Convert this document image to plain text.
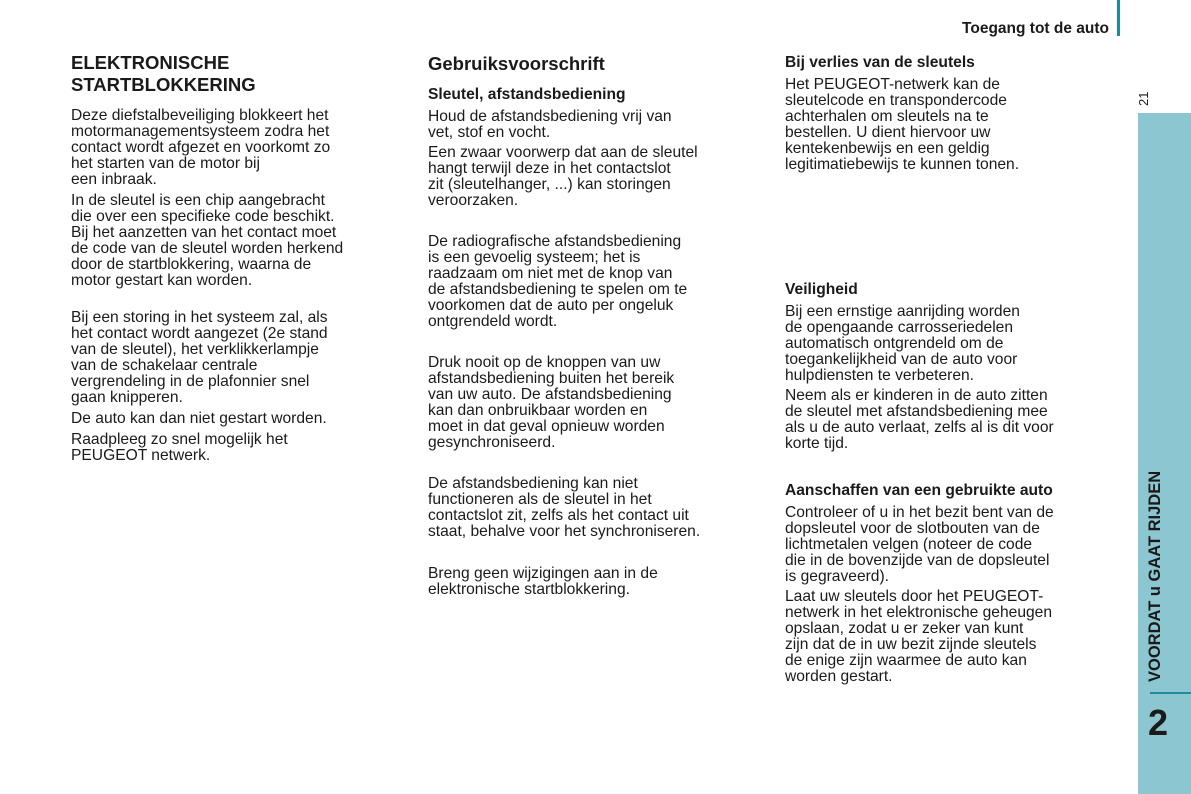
Toegang tot de auto
21
VOORDAT u GAAT RIJDEN
2
ELEKTRONISCHE
STARTBLOKKERING

Deze diefstalbeveiliging blokkeert het
motormanagementsysteem zodra het
contact wordt afgezet en voorkomt zo
het starten van de motor bij
een inbraak.

In de sleutel is een chip aangebracht
die over een specifieke code beschikt.
Bij het aanzetten van het contact moet
de code van de sleutel worden herkend
door de startblokkering, waarna de
motor gestart kan worden.

Bij een storing in het systeem zal, als
het contact wordt aangezet (2e stand
van de sleutel), het verklikkerlampje
van de schakelaar centrale
vergrendeling in de plafonnier snel
gaan knipperen.

De auto kan dan niet gestart worden.

Raadpleeg zo snel mogelijk het
PEUGEOT netwerk.

Gebruiksvoorschrift
Sleutel, afstandsbediening

Houd de afstandsbediening vrij van
vet, stof en vocht.

Een zwaar voorwerp dat aan de sleutel
hangt terwijl deze in het contactslot
zit (sleutelhanger, ...) kan storingen
veroorzaken.

De radiografische afstandsbediening
is een gevoelig systeem; het is
raadzaam om niet met de knop van
de afstandsbediening te spelen om te
voorkomen dat de auto per ongeluk
ontgrendeld wordt.

Druk nooit op de knoppen van uw
afstandsbediening buiten het bereik
van uw auto. De afstandsbediening
kan dan onbruikbaar worden en
moet in dat geval opnieuw worden
gesynchroniseerd.

De afstandsbediening kan niet
functioneren als de sleutel in het
contactslot zit, zelfs als het contact uit
staat, behalve voor het synchroniseren.

Breng geen wijzigingen aan in de
elektronische startblokkering.

Bij verlies van de sleutels

Het PEUGEOT-netwerk kan de
sleutelcode en transpondercode
achterhalen om sleutels na te
bestellen. U dient hiervoor uw
kentekenbewijs en een geldig
legitimatiebewijs te kunnen tonen.

Veiligheid

Bij een ernstige aanrijding worden
de opengaande carrosseriedelen
automatisch ontgrendeld om de
toegankelijkheid van de auto voor
hulpdiensten te verbeteren.

Neem als er kinderen in de auto zitten
de sleutel met afstandsbediening mee
als u de auto verlaat, zelfs al is dit voor
korte tijd.

Aanschaffen van een gebruikte auto

Controleer of u in het bezit bent van de
dopsleutel voor de slotbouten van de
lichtmetalen velgen (noteer de code
die in de bovenzijde van de dopsleutel
is gegraveerd).

Laat uw sleutels door het PEUGEOT-
netwerk in het elektronische geheugen
opslaan, zodat u er zeker van kunt
zijn dat de in uw bezit zijnde sleutels
de enige zijn waarmee de auto kan
worden gestart.
